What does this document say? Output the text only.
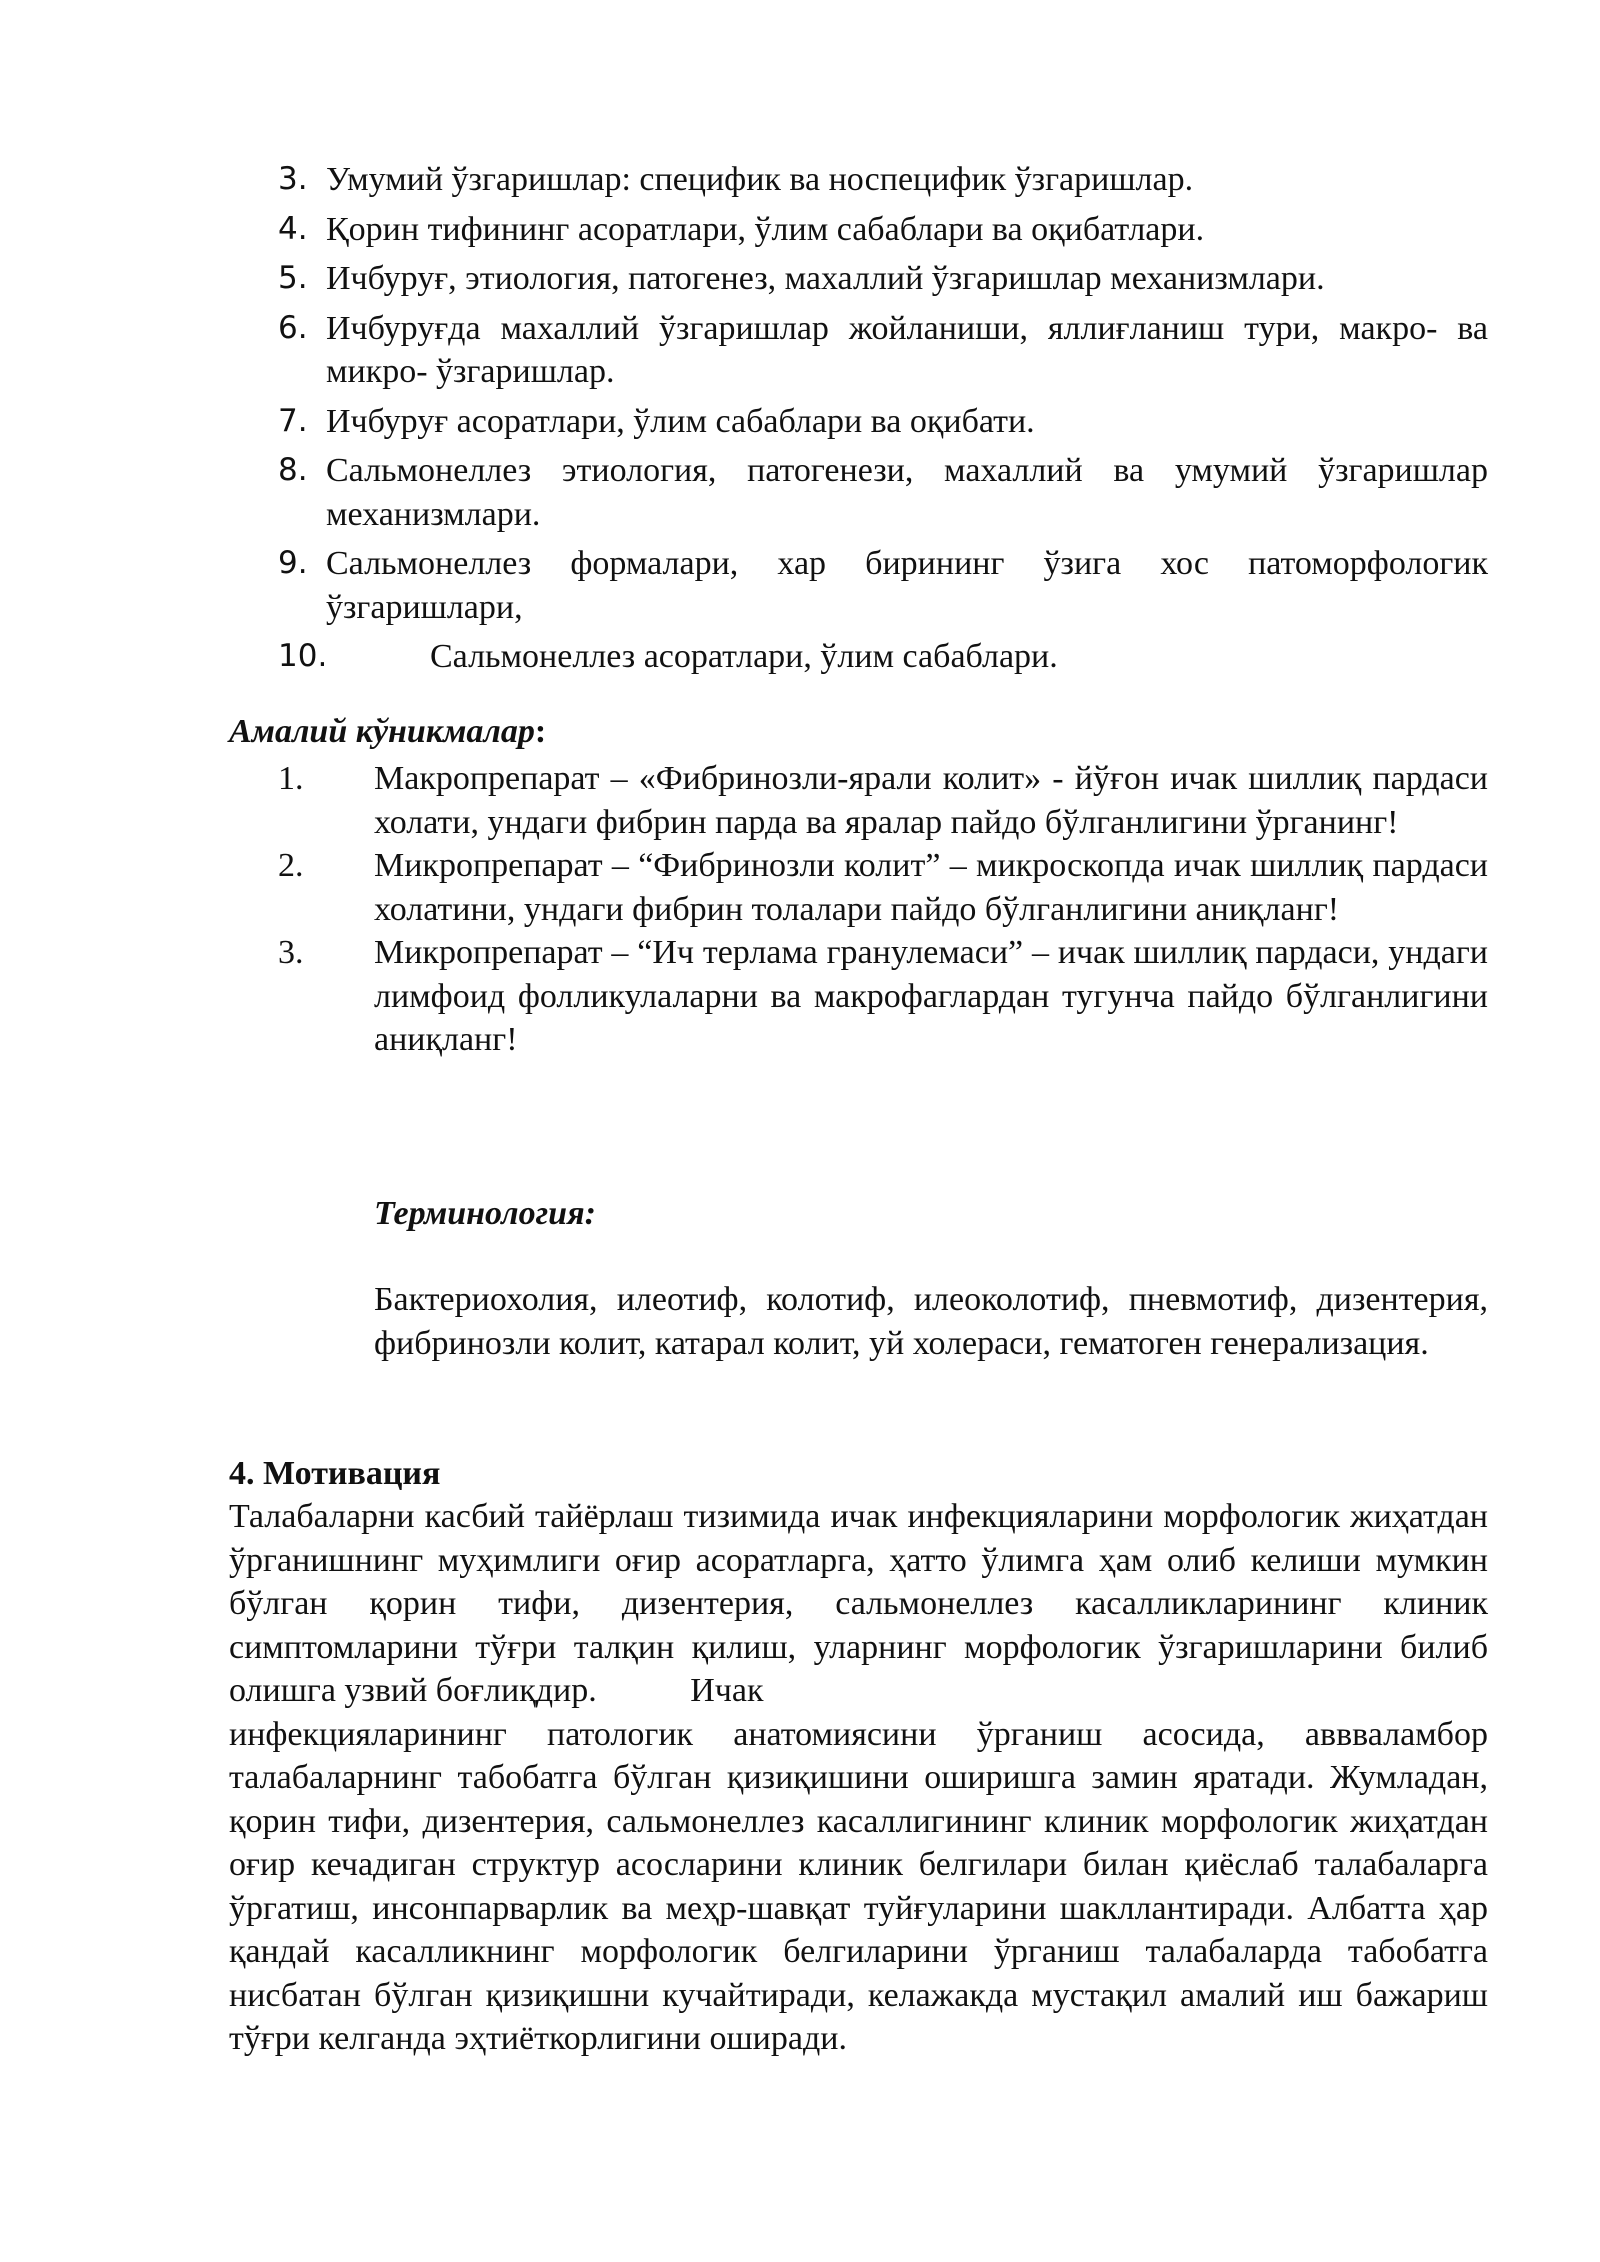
3. Умумий ўзгаришлар: специфик ва носпецифик ўзгаришлар.
4. Қорин тифининг асоратлари, ўлим сабаблари ва оқибатлари.
5. Ичбуруғ, этиология, патогенез, махаллий ўзгаришлар механизмлари.
6. Ичбуруғда махаллий ўзгаришлар жойланиши, яллиғланиш тури, макро- ва микро- ўзгаришлар.
7. Ичбуруғ асоратлари, ўлим сабаблари ва оқибати.
8. Сальмонеллез этиология, патогенези, махаллий ва умумий ўзгаришлар механизмлари.
9. Сальмонеллез формалари, хар бирининг ўзига хос патоморфологик ўзгаришлари,
10.	Сальмонеллез асоратлари, ўлим сабаблари.
Амалий кўникмалар:
1. Макропрепарат – «Фибринозли-ярали колит» - йўғон ичак шиллиқ пардаси холати, ундаги фибрин парда ва яралар пайдо бўлганлигини ўрганинг!
2. Микропрепарат – “Фибринозли колит” – микроскопда ичак шиллиқ пардаси холатини, ундаги фибрин толалари пайдо бўлганлигини аниқланг!
3. Микропрепарат – “Ич терлама гранулемаси” – ичак шиллиқ пардаси, ундаги лимфоид фолликулаларни ва макрофаглардан тугунча пайдо бўлганлигини аниқланг!
Терминология:
Бактериохолия, илеотиф, колотиф, илеоколотиф, пневмотиф, дизентерия, фибринозли колит, катарал колит, уй холераси, гематоген генерализация.
4. Мотивация
Талабаларни касбий тайёрлаш тизимида ичак инфекцияларини морфологик жиҳатдан ўрганишнинг муҳимлиги оғир асоратларга, ҳатто ўлимга ҳам олиб келиши мумкин бўлган қорин тифи, дизентерия, сальмонеллез касалликларининг клиник симптомларини тўғри талқин қилиш, уларнинг морфологик ўзгаришларини билиб олишга узвий боғлиқдир.	Ичак
инфекцияларининг патологик анатомиясини ўрганиш асосида, аввваламбор талабаларнинг табобатга бўлган қизиқишини оширишга замин яратади. Жумладан, қорин тифи, дизентерия, сальмонеллез касаллигининг клиник морфологик жиҳатдан оғир кечадиган структур асосларини клиник белгилари билан қиёслаб талабаларга ўргатиш, инсонпарварлик ва меҳр-шавқат туйғуларини шакллантиради. Албатта ҳар қандай касалликнинг морфологик белгиларини ўрганиш талабаларда табобатга нисбатан бўлган қизиқишни кучайтиради, келажакда мустақил амалий иш бажариш тўғри келганда эҳтиёткорлигини оширади.
